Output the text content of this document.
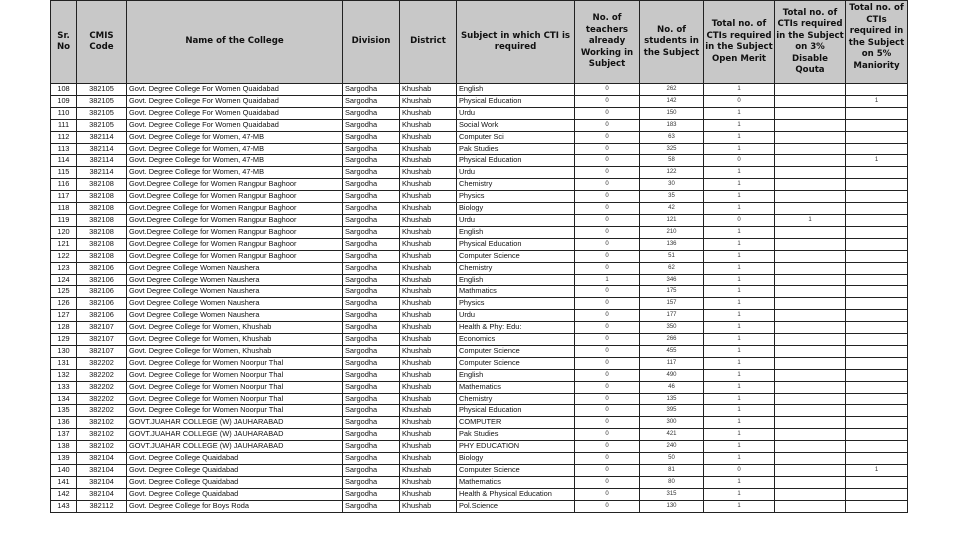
Sr. No	CMIS Code	Name of the College	Division	District	Subject in which CTI is required	No. of teachers already Working in Subject	No. of students in the Subject	Total no. of CTIs required in the Subject Open Merit	Total no. of CTIs required in the Subject on 3% Disable Qouta	Total no. of CTIs required in the Subject on 5% Maniority
108	382105	Govt. Degree College For Women Quaidabad	Sargodha	Khushab	English	0	262	1		
109	382105	Govt. Degree College For Women Quaidabad	Sargodha	Khushab	Physical Education	0	142	0		1
110	382105	Govt. Degree College For Women Quaidabad	Sargodha	Khushab	Urdu	0	150	1		
111	382105	Govt. Degree College For Women Quaidabad	Sargodha	Khushab	Social Work	0	183	1		
112	382114	Govt. Degree College for Women, 47-MB	Sargodha	Khushab	Computer Sci	0	63	1		
113	382114	Govt. Degree College for Women, 47-MB	Sargodha	Khushab	Pak Studies	0	325	1		
114	382114	Govt. Degree College for Women, 47-MB	Sargodha	Khushab	Physical Education	0	58	0		1
115	382114	Govt. Degree College for Women, 47-MB	Sargodha	Khushab	Urdu	0	122	1		
116	382108	Govt.Degree College for Women Rangpur Baghoor	Sargodha	Khushab	Chemistry	0	30	1		
117	382108	Govt.Degree College for Women Rangpur Baghoor	Sargodha	Khushab	Physics	0	35	1		
118	382108	Govt.Degree College for Women Rangpur Baghoor	Sargodha	Khushab	Biology	0	42	1		
119	382108	Govt.Degree College for Women Rangpur Baghoor	Sargodha	Khushab	Urdu	0	121	0	1	
120	382108	Govt.Degree College for Women Rangpur Baghoor	Sargodha	Khushab	English	0	210	1		
121	382108	Govt.Degree College for Women Rangpur Baghoor	Sargodha	Khushab	Physical Education	0	136	1		
122	382108	Govt.Degree College for Women Rangpur Baghoor	Sargodha	Khushab	Computer Science	0	51	1		
123	382106	Govt Degree College Women Naushera	Sargodha	Khushab	Chemistry	0	62	1		
124	382106	Govt Degree College Women Naushera	Sargodha	Khushab	English	1	346	1		
125	382106	Govt Degree College Women Naushera	Sargodha	Khushab	Mathmatics	0	175	1		
126	382106	Govt Degree College Women Naushera	Sargodha	Khushab	Physics	0	157	1		
127	382106	Govt Degree College Women Naushera	Sargodha	Khushab	Urdu	0	177	1		
128	382107	Govt. Degree College for Women, Khushab	Sargodha	Khushab	Health & Phy: Edu:	0	350	1		
129	382107	Govt. Degree College for Women, Khushab	Sargodha	Khushab	Economics	0	266	1		
130	382107	Govt. Degree College for Women, Khushab	Sargodha	Khushab	Computer Science	0	455	1		
131	382202	Govt. Degree College for Women Noorpur Thal	Sargodha	Khushab	Computer Science	0	117	1		
132	382202	Govt. Degree College for Women Noorpur Thal	Sargodha	Khushab	English	0	490	1		
133	382202	Govt. Degree College for Women Noorpur Thal	Sargodha	Khushab	Mathematics	0	46	1		
134	382202	Govt. Degree College for Women Noorpur Thal	Sargodha	Khushab	Chemistry	0	135	1		
135	382202	Govt. Degree College for Women Noorpur Thal	Sargodha	Khushab	Physical Education	0	395	1		
136	382102	GOVT.JUAHAR COLLEGE (W) JAUHARABAD	Sargodha	Khushab	COMPUTER	0	300	1		
137	382102	GOVT.JUAHAR COLLEGE (W) JAUHARABAD	Sargodha	Khushab	Pak Studies	0	421	1		
138	382102	GOVT.JUAHAR COLLEGE (W) JAUHARABAD	Sargodha	Khushab	PHY EDUCATION	0	240	1		
139	382104	Govt. Degree College Quaidabad	Sargodha	Khushab	Biology	0	50	1		
140	382104	Govt. Degree College Quaidabad	Sargodha	Khushab	Computer Science	0	81	0		1
141	382104	Govt. Degree College Quaidabad	Sargodha	Khushab	Mathematics	0	80	1		
142	382104	Govt. Degree College Quaidabad	Sargodha	Khushab	Health & Physical Education	0	315	1		
143	382112	Govt. Degree College for Boys Roda	Sargodha	Khushab	Pol.Science	0	130	1		
